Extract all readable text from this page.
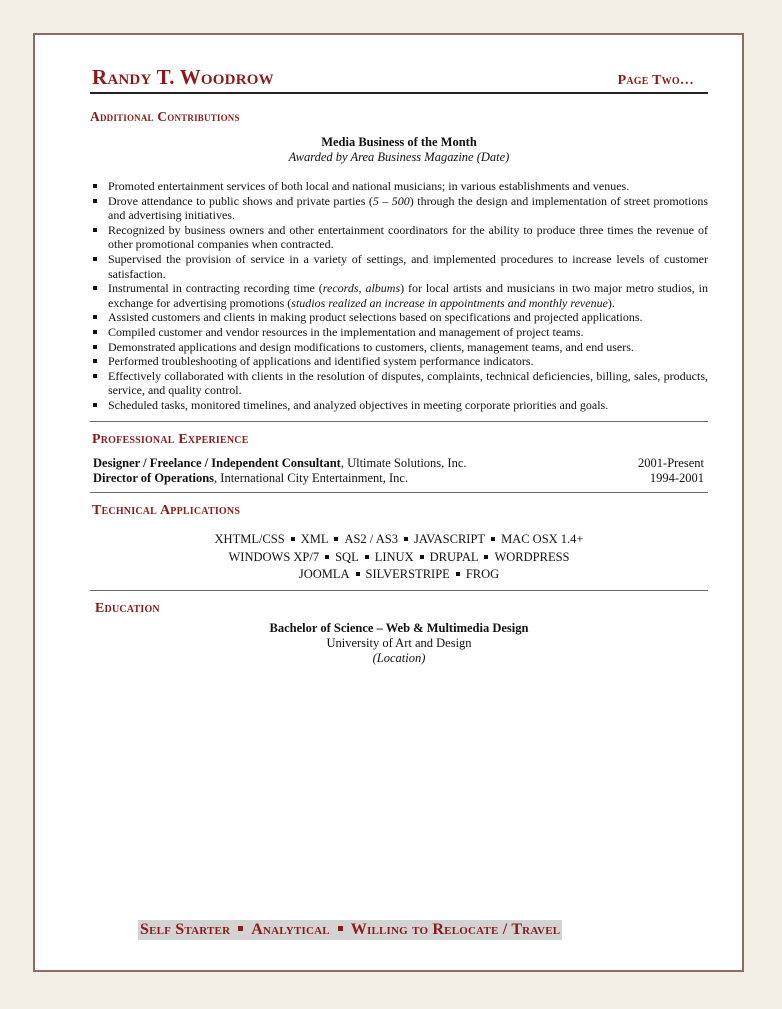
Randy T. Woodrow	Page Two…
Additional Contributions
Media Business of the Month
Awarded by Area Business Magazine (Date)
Promoted entertainment services of both local and national musicians; in various establishments and venues.
Drove attendance to public shows and private parties (5 – 500) through the design and implementation of street promotions and advertising initiatives.
Recognized by business owners and other entertainment coordinators for the ability to produce three times the revenue of other promotional companies when contracted.
Supervised the provision of service in a variety of settings, and implemented procedures to increase levels of customer satisfaction.
Instrumental in contracting recording time (records, albums) for local artists and musicians in two major metro studios, in exchange for advertising promotions (studios realized an increase in appointments and monthly revenue).
Assisted customers and clients in making product selections based on specifications and projected applications.
Compiled customer and vendor resources in the implementation and management of project teams.
Demonstrated applications and design modifications to customers, clients, management teams, and end users.
Performed troubleshooting of applications and identified system performance indicators.
Effectively collaborated with clients in the resolution of disputes, complaints, technical deficiencies, billing, sales, products, service, and quality control.
Scheduled tasks, monitored timelines, and analyzed objectives in meeting corporate priorities and goals.
Professional Experience
Designer / Freelance / Independent Consultant, Ultimate Solutions, Inc.	2001-Present
Director of Operations, International City Entertainment, Inc.	1994-2001
Technical Applications
XHTML/CSS XML AS2 / AS3 JAVASCRIPT MAC OSX 1.4+
WINDOWS XP/7 SQL LINUX DRUPAL WORDPRESS
JOOMLA SILVERSTRIPE FROG
Education
Bachelor of Science – Web & Multimedia Design
University of Art and Design
(Location)
Self Starter Analytical Willing to Relocate / Travel
